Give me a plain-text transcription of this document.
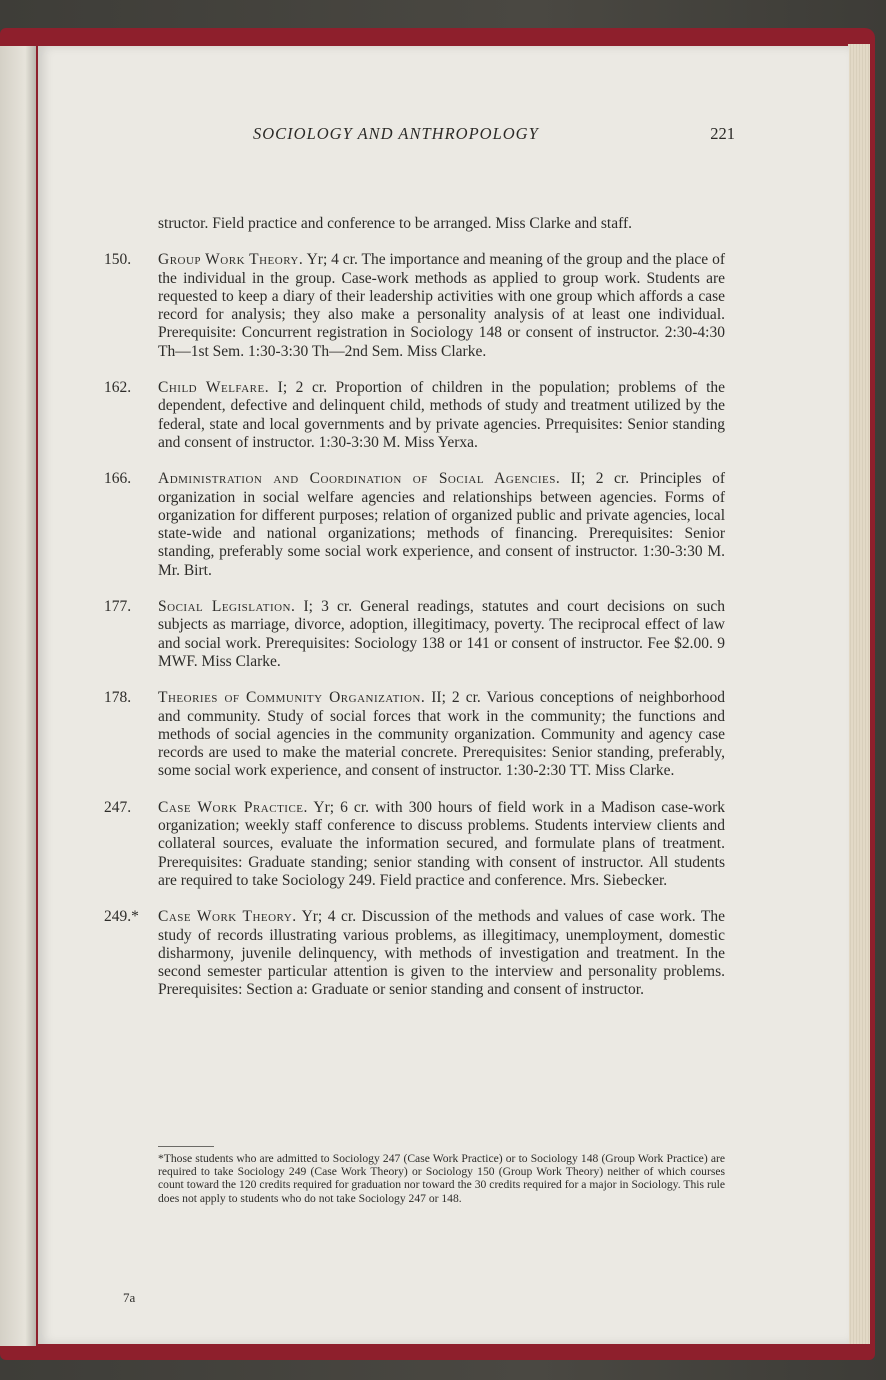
SOCIOLOGY AND ANTHROPOLOGY	221

structor. Field practice and conference to be arranged. Miss Clarke and staff.

150. Group Work Theory. Yr; 4 cr. The importance and meaning of the group and the place of the individual in the group. Case-work methods as applied to group work. Students are requested to keep a diary of their leadership activities with one group which affords a case record for analysis; they also make a personality analysis of at least one individual. Prerequisite: Concurrent registration in Sociology 148 or consent of instructor. 2:30-4:30 Th—1st Sem. 1:30-3:30 Th—2nd Sem. Miss Clarke.

162. Child Welfare. I; 2 cr. Proportion of children in the population; problems of the dependent, defective and delinquent child, methods of study and treatment utilized by the federal, state and local governments and by private agencies. Prrequisites: Senior standing and consent of instructor. 1:30-3:30 M. Miss Yerxa.

166. Administration and Coordination of Social Agencies. II; 2 cr. Principles of organization in social welfare agencies and relationships between agencies. Forms of organization for different purposes; relation of organized public and private agencies, local state-wide and national organizations; methods of financing. Prerequisites: Senior standing, preferably some social work experience, and consent of instructor. 1:30-3:30 M. Mr. Birt.

177. Social Legislation. I; 3 cr. General readings, statutes and court decisions on such subjects as marriage, divorce, adoption, illegitimacy, poverty. The reciprocal effect of law and social work. Prerequisites: Sociology 138 or 141 or consent of instructor. Fee $2.00. 9 MWF. Miss Clarke.

178. Theories of Community Organization. II; 2 cr. Various conceptions of neighborhood and community. Study of social forces that work in the community; the functions and methods of social agencies in the community organization. Community and agency case records are used to make the material concrete. Prerequisites: Senior standing, preferably, some social work experience, and consent of instructor. 1:30-2:30 TT. Miss Clarke.

247. Case Work Practice. Yr; 6 cr. with 300 hours of field work in a Madison case-work organization; weekly staff conference to discuss problems. Students interview clients and collateral sources, evaluate the information secured, and formulate plans of treatment. Prerequisites: Graduate standing; senior standing with consent of instructor. All students are required to take Sociology 249. Field practice and conference. Mrs. Siebecker.

249.* Case Work Theory. Yr; 4 cr. Discussion of the methods and values of case work. The study of records illustrating various problems, as illegitimacy, unemployment, domestic disharmony, juvenile delinquency, with methods of investigation and treatment. In the second semester particular attention is given to the interview and personality problems. Prerequisites: Section a: Graduate or senior standing and consent of instructor.

*Those students who are admitted to Sociology 247 (Case Work Practice) or to Sociology 148 (Group Work Practice) are required to take Sociology 249 (Case Work Theory) or Sociology 150 (Group Work Theory) neither of which courses count toward the 120 credits required for graduation nor toward the 30 credits required for a major in Sociology. This rule does not apply to students who do not take Sociology 247 or 148.
7a
